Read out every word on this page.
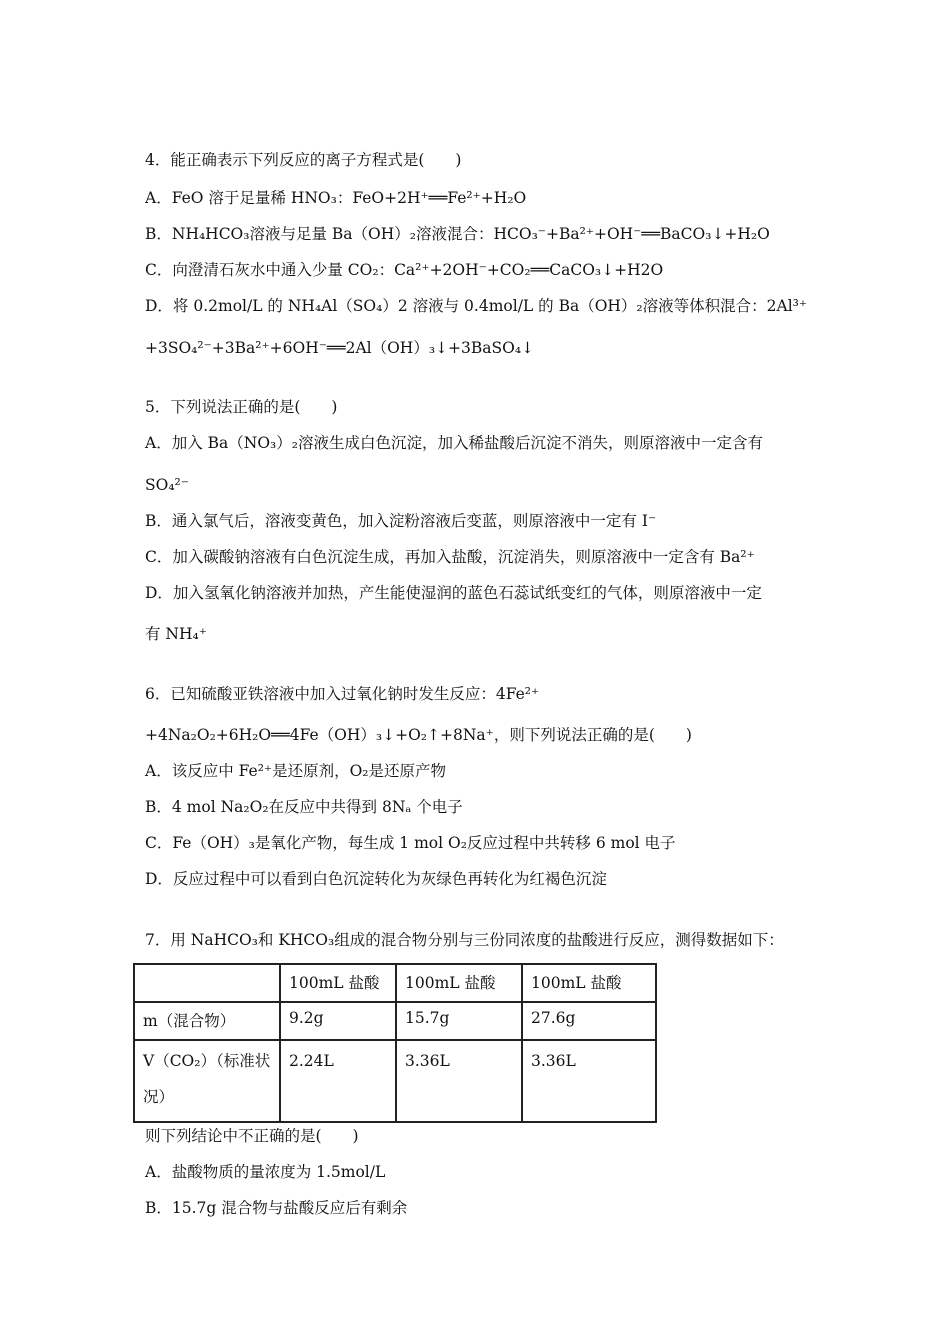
4．能正确表示下列反应的离子方程式是(　　)
A．FeO 溶于足量稀 HNO₃：FeO+2H⁺══Fe²⁺+H₂O
B．NH₄HCO₃溶液与足量 Ba（OH）₂溶液混合：HCO₃⁻+Ba²⁺+OH⁻══BaCO₃↓+H₂O
C．向澄清石灰水中通入少量 CO₂：Ca²⁺+2OH⁻+CO₂══CaCO₃↓+H2O
D．将 0.2mol/L 的 NH₄Al（SO₄）2 溶液与 0.4mol/L 的 Ba（OH）₂溶液等体积混合：2Al³⁺
+3SO₄²⁻+3Ba²⁺+6OH⁻══2Al（OH）₃↓+3BaSO₄↓
5．下列说法正确的是(　　)
A．加入 Ba（NO₃）₂溶液生成白色沉淀，加入稀盐酸后沉淀不消失，则原溶液中一定含有
SO₄²⁻
B．通入氯气后，溶液变黄色，加入淀粉溶液后变蓝，则原溶液中一定有 I⁻
C．加入碳酸钠溶液有白色沉淀生成，再加入盐酸，沉淀消失，则原溶液中一定含有 Ba²⁺
D．加入氢氧化钠溶液并加热，产生能使湿润的蓝色石蕊试纸变红的气体，则原溶液中一定
有 NH₄⁺
6．已知硫酸亚铁溶液中加入过氧化钠时发生反应：4Fe²⁺
+4Na₂O₂+6H₂O══4Fe（OH）₃↓+O₂↑+8Na⁺，则下列说法正确的是(　　)
A．该反应中 Fe²⁺是还原剂，O₂是还原产物
B．4 mol Na₂O₂在反应中共得到 8Nₐ 个电子
C．Fe（OH）₃是氧化产物，每生成 1 mol O₂反应过程中共转移 6 mol 电子
D．反应过程中可以看到白色沉淀转化为灰绿色再转化为红褐色沉淀
7．用 NaHCO₃和 KHCO₃组成的混合物分别与三份同浓度的盐酸进行反应，测得数据如下：
	100mL 盐酸	100mL 盐酸	100mL 盐酸
m（混合物）	9.2g	15.7g	27.6g
V（CO₂）（标准状况）	2.24L	3.36L	3.36L
则下列结论中不正确的是(　　)
A．盐酸物质的量浓度为 1.5mol/L
B．15.7g 混合物与盐酸反应后有剩余
